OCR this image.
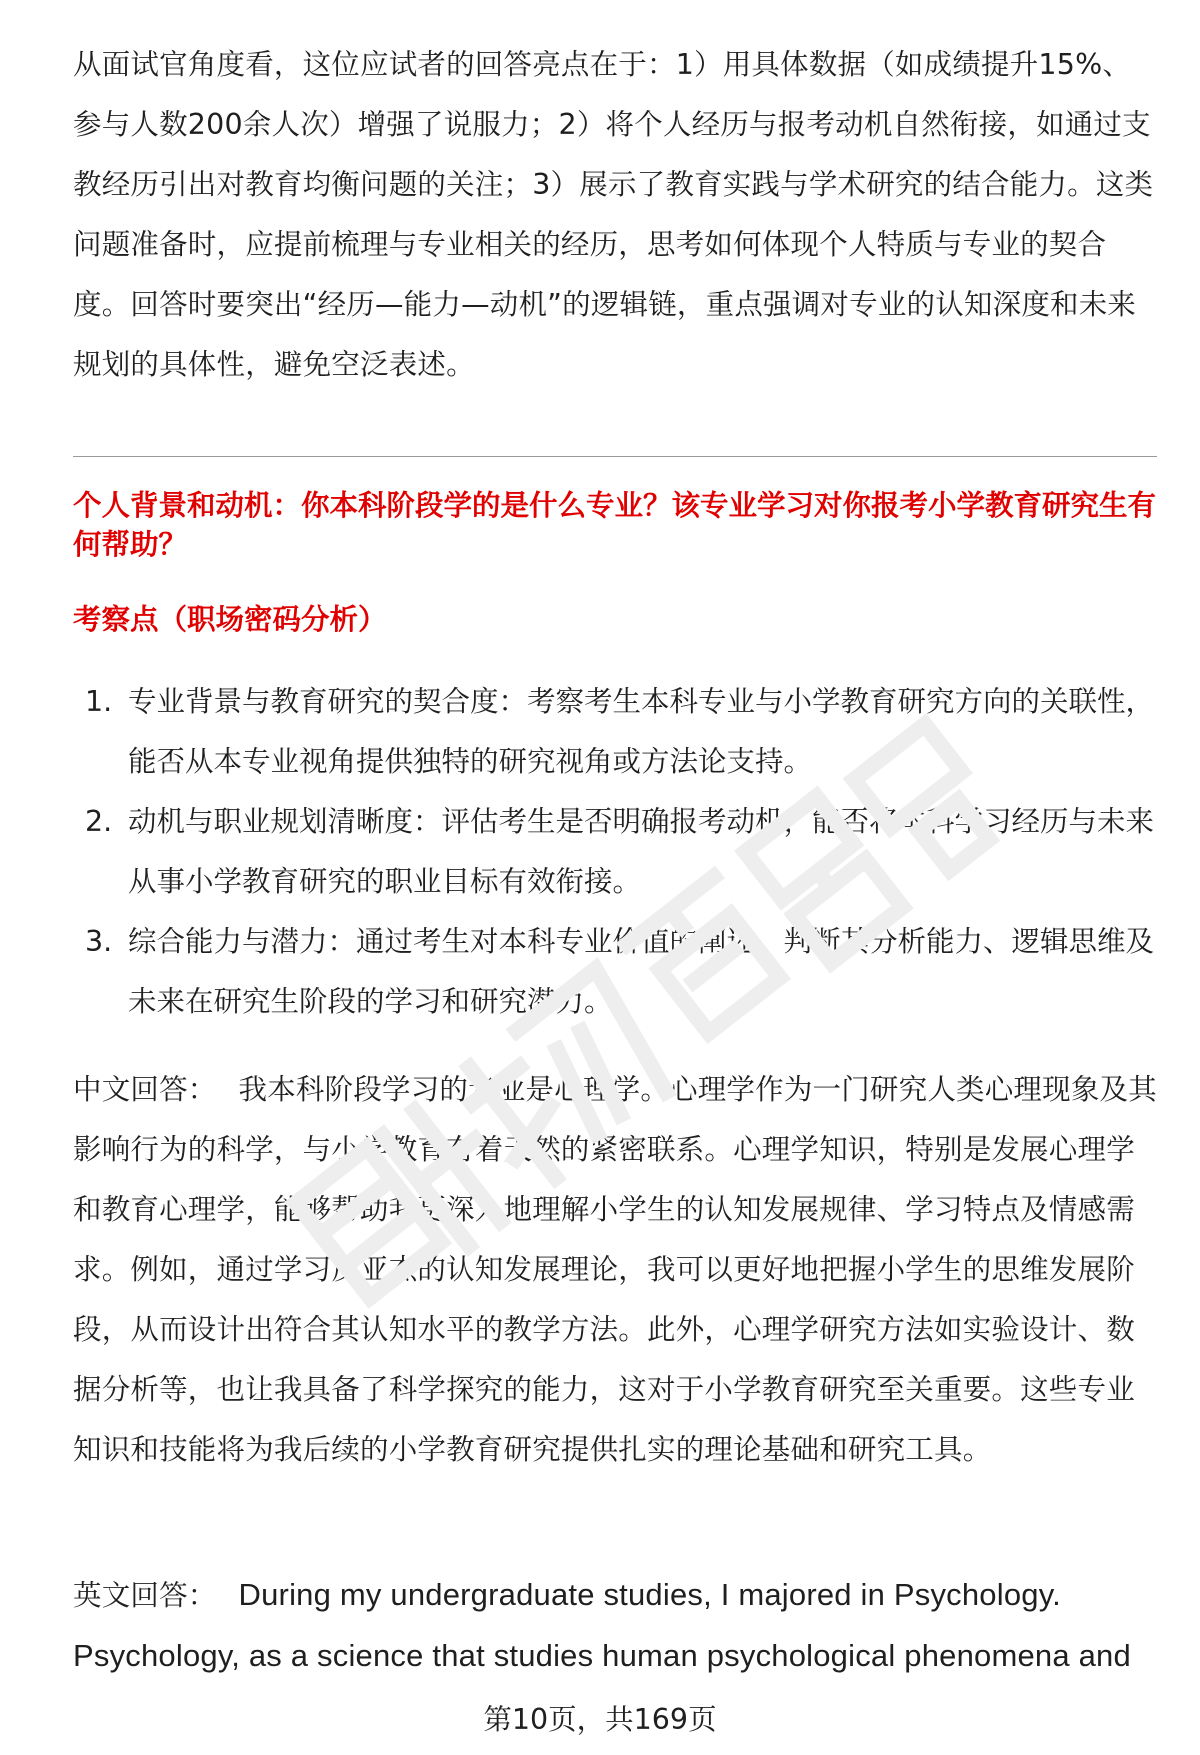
从面试官角度看，这位应试者的回答亮点在于：1）用具体数据（如成绩提升15%、参与人数200余人次）增强了说服力；2）将个人经历与报考动机自然衔接，如通过支教经历引出对教育均衡问题的关注；3）展示了教育实践与学术研究的结合能力。这类问题准备时，应提前梳理与专业相关的经历，思考如何体现个人特质与专业的契合度。回答时要突出“经历—能力—动机”的逻辑链，重点强调对专业的认知深度和未来规划的具体性，避免空泛表述。

个人背景和动机：你本科阶段学的是什么专业？该专业学习对你报考小学教育研究生有何帮助？

考察点（职场密码分析）

1. 专业背景与教育研究的契合度：考察考生本科专业与小学教育研究方向的关联性，能否从本专业视角提供独特的研究视角或方法论支持。
2. 动机与职业规划清晰度：评估考生是否明确报考动机，能否将本科学习经历与未来从事小学教育研究的职业目标有效衔接。
3. 综合能力与潜力：通过考生对本科专业价值的阐述，判断其分析能力、逻辑思维及未来在研究生阶段的学习和研究潜力。

中文回答： 我本科阶段学习的专业是心理学。心理学作为一门研究人类心理现象及其影响行为的科学，与小学教育有着天然的紧密联系。心理学知识，特别是发展心理学和教育心理学，能够帮助我更深入地理解小学生的认知发展规律、学习特点及情感需求。例如，通过学习皮亚杰的认知发展理论，我可以更好地把握小学生的思维发展阶段，从而设计出符合其认知水平的教学方法。此外，心理学研究方法如实验设计、数据分析等，也让我具备了科学探究的能力，这对于小学教育研究至关重要。这些专业知识和技能将为我后续的小学教育研究提供扎实的理论基础和研究工具。

英文回答： During my undergraduate studies, I majored in Psychology. Psychology, as a science that studies human psychological phenomena and

第10页，共169页
